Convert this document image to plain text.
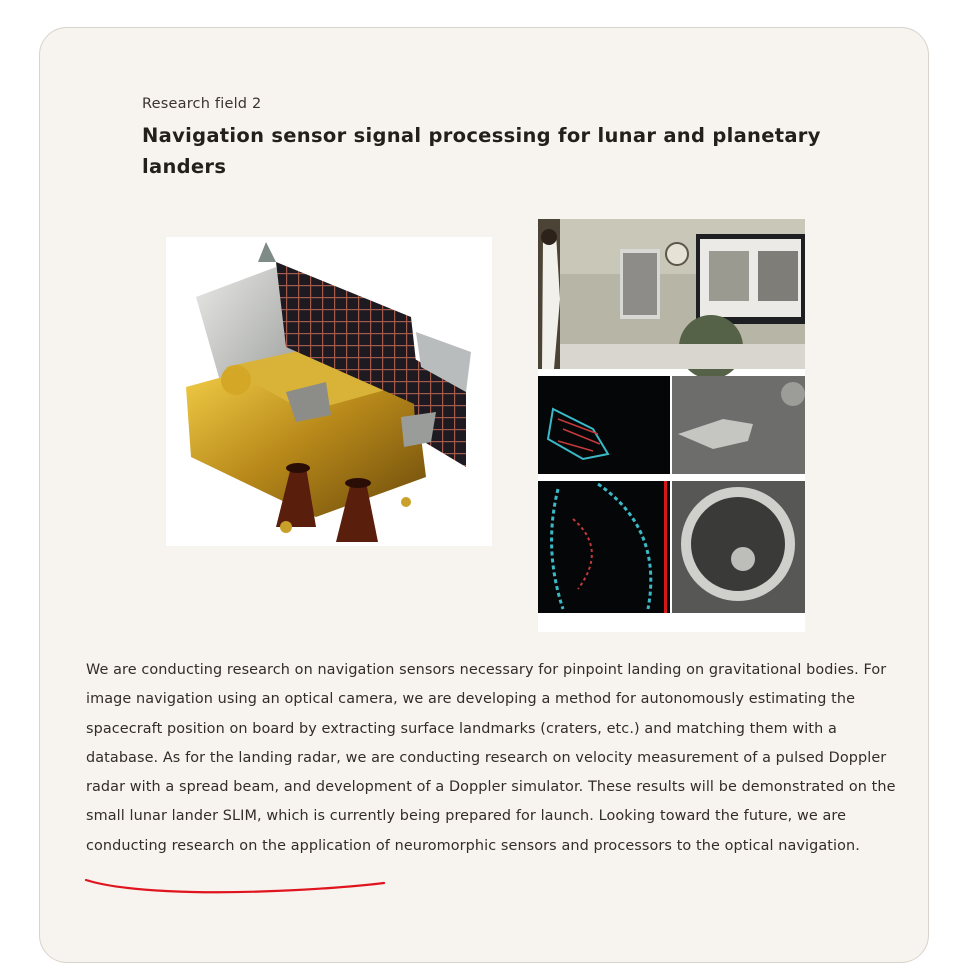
Research field 2
Navigation sensor signal processing for lunar and planetary landers
We are conducting research on navigation sensors necessary for pinpoint landing on gravitational bodies. For image navigation using an optical camera, we are developing a method for autonomously estimating the spacecraft position on board by extracting surface landmarks (craters, etc.) and matching them with a database. As for the landing radar, we are conducting research on velocity measurement of a pulsed Doppler radar with a spread beam, and development of a Doppler simulator. These results will be demonstrated on the small lunar lander SLIM, which is currently being prepared for launch. Looking toward the future, we are conducting research on the application of neuromorphic sensors and processors to the optical navigation.
